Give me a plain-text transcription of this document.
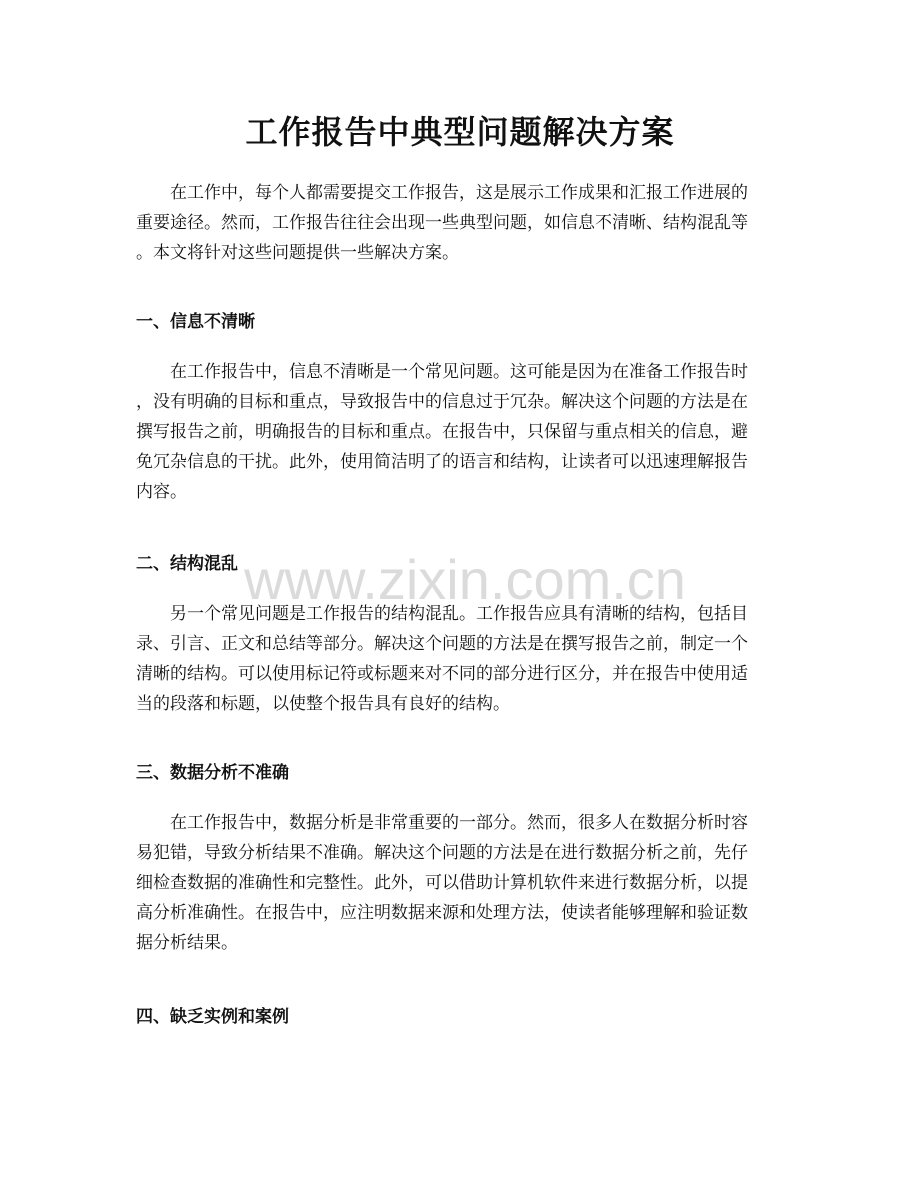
工作报告中典型问题解决方案

　　在工作中，每个人都需要提交工作报告，这是展示工作成果和汇报工作进展的
重要途径。然而，工作报告往往会出现一些典型问题，如信息不清晰、结构混乱等
。本文将针对这些问题提供一些解决方案。

一、信息不清晰

　　在工作报告中，信息不清晰是一个常见问题。这可能是因为在准备工作报告时
，没有明确的目标和重点，导致报告中的信息过于冗杂。解决这个问题的方法是在
撰写报告之前，明确报告的目标和重点。在报告中，只保留与重点相关的信息，避
免冗杂信息的干扰。此外，使用简洁明了的语言和结构，让读者可以迅速理解报告
内容。

二、结构混乱

　　另一个常见问题是工作报告的结构混乱。工作报告应具有清晰的结构，包括目
录、引言、正文和总结等部分。解决这个问题的方法是在撰写报告之前，制定一个
清晰的结构。可以使用标记符或标题来对不同的部分进行区分，并在报告中使用适
当的段落和标题，以使整个报告具有良好的结构。

三、数据分析不准确

　　在工作报告中，数据分析是非常重要的一部分。然而，很多人在数据分析时容
易犯错，导致分析结果不准确。解决这个问题的方法是在进行数据分析之前，先仔
细检查数据的准确性和完整性。此外，可以借助计算机软件来进行数据分析，以提
高分析准确性。在报告中，应注明数据来源和处理方法，使读者能够理解和验证数
据分析结果。

四、缺乏实例和案例
www.zixin.com.cn
